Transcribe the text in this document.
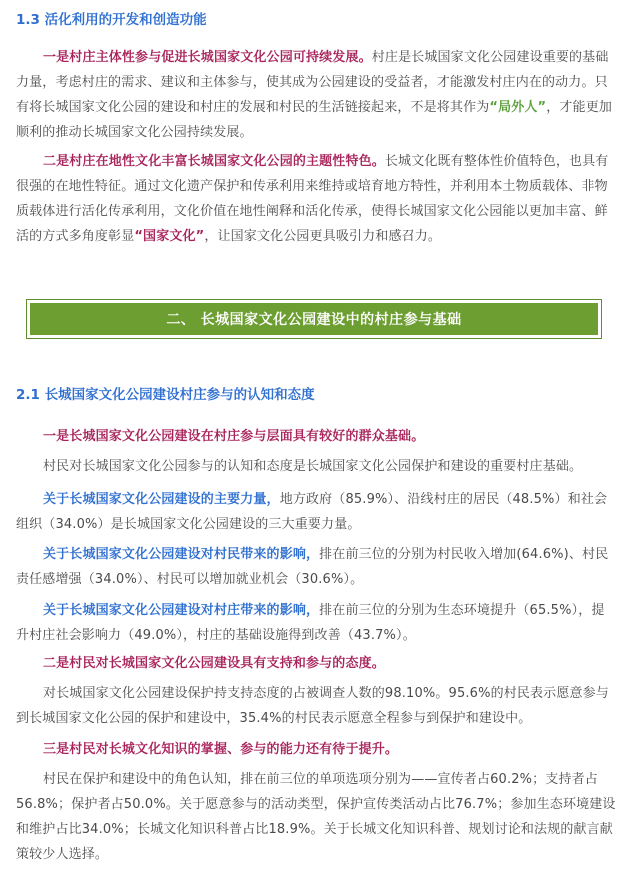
1.3 活化利用的开发和创造功能
一是村庄主体性参与促进长城国家文化公园可持续发展。村庄是长城国家文化公园建设重要的基础力量，考虑村庄的需求、建议和主体参与，使其成为公园建设的受益者，才能激发村庄内在的动力。只有将长城国家文化公园的建设和村庄的发展和村民的生活链接起来，不是将其作为“局外人”，才能更加顺利的推动长城国家文化公园持续发展。
二是村庄在地性文化丰富长城国家文化公园的主题性特色。长城文化既有整体性价值特色，也具有很强的在地性特征。通过文化遗产保护和传承利用来维持或培育地方特性，并利用本土物质载体、非物质载体进行活化传承利用，文化价值在地性阐释和活化传承，使得长城国家文化公园能以更加丰富、鲜活的方式多角度彰显“国家文化”，让国家文化公园更具吸引力和感召力。
二、 长城国家文化公园建设中的村庄参与基础
2.1 长城国家文化公园建设村庄参与的认知和态度
一是长城国家文化公园建设在村庄参与层面具有较好的群众基础。
村民对长城国家文化公园参与的认知和态度是长城国家文化公园保护和建设的重要村庄基础。
关于长城国家文化公园建设的主要力量，地方政府（85.9%）、沿线村庄的居民（48.5%）和社会组织（34.0%）是长城国家文化公园建设的三大重要力量。
关于长城国家文化公园建设对村民带来的影响，排在前三位的分别为村民收入增加(64.6%)、村民责任感增强（34.0%）、村民可以增加就业机会（30.6%）。
关于长城国家文化公园建设对村庄带来的影响，排在前三位的分别为生态环境提升（65.5%），提升村庄社会影响力（49.0%），村庄的基础设施得到改善（43.7%）。
二是村民对长城国家文化公园建设具有支持和参与的态度。
对长城国家文化公园建设保护持支持态度的占被调查人数的98.10%。95.6%的村民表示愿意参与到长城国家文化公园的保护和建设中，35.4%的村民表示愿意全程参与到保护和建设中。
三是村民对长城文化知识的掌握、参与的能力还有待于提升。
村民在保护和建设中的角色认知，排在前三位的单项选项分别为——宣传者占60.2%；支持者占56.8%；保护者占50.0%。关于愿意参与的活动类型，保护宣传类活动占比76.7%；参加生态环境建设和维护占比34.0%；长城文化知识科普占比18.9%。关于长城文化知识科普、规划讨论和法规的献言献策较少人选择。
